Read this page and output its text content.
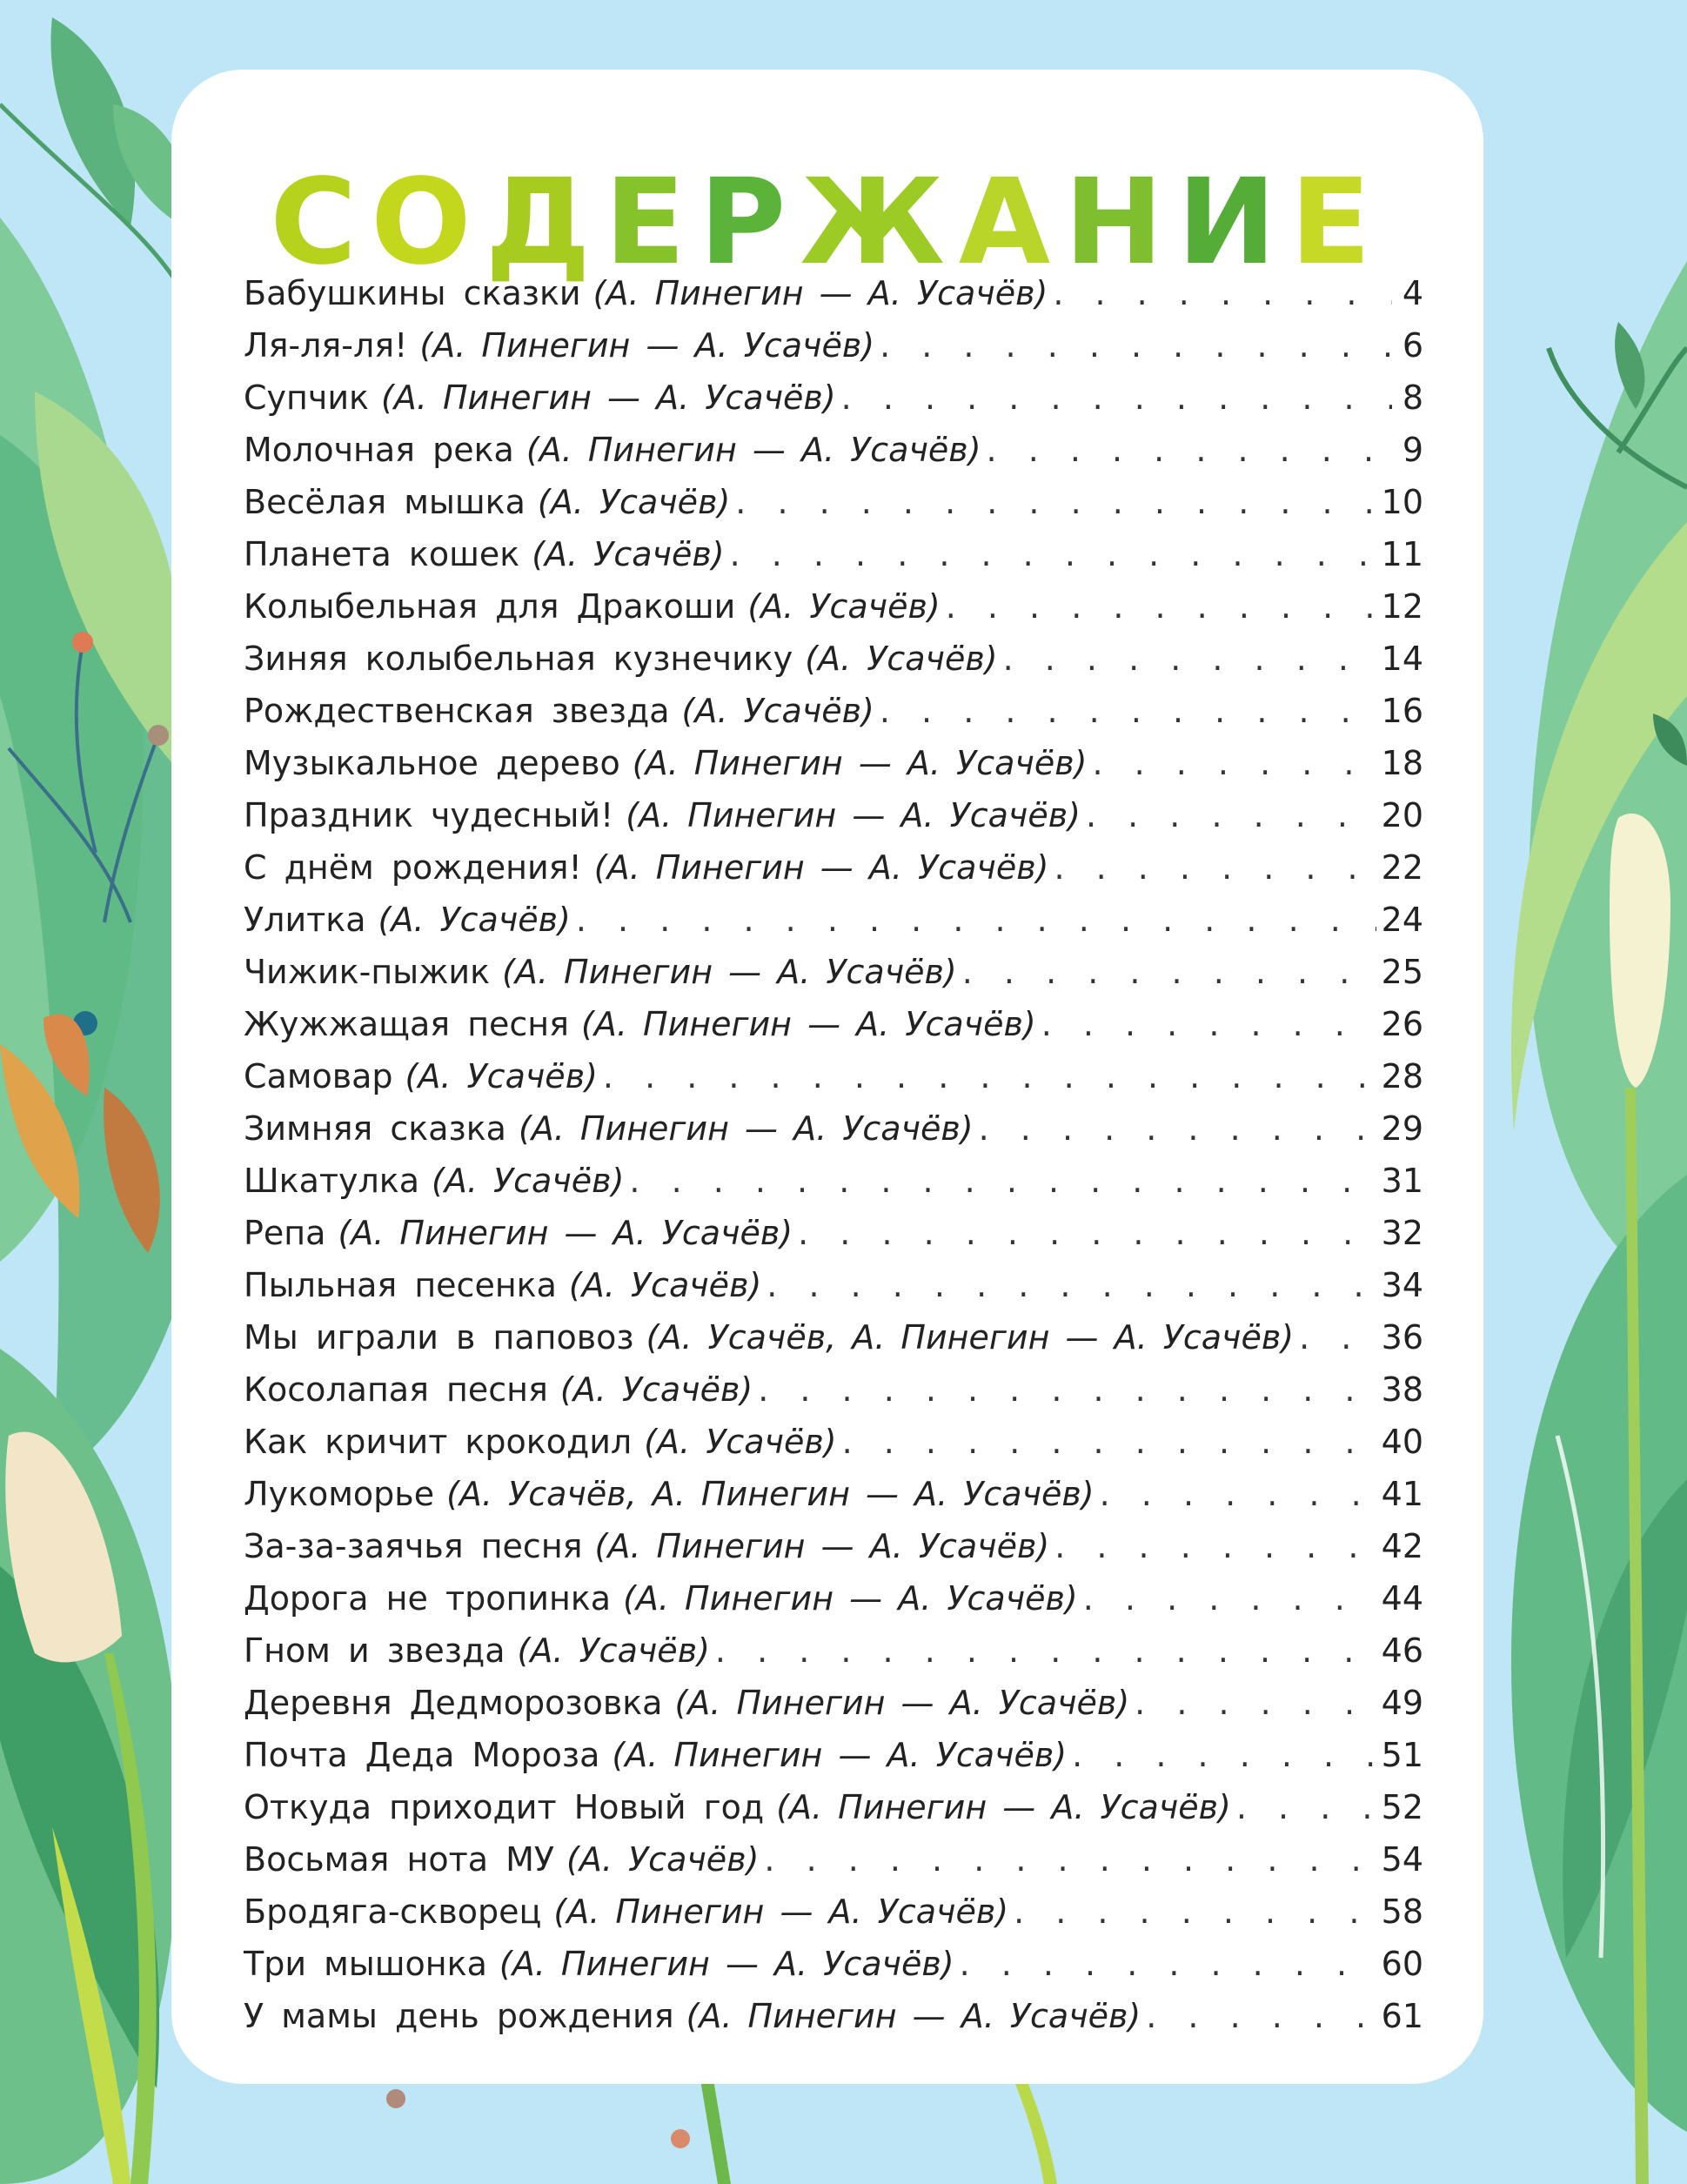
СОДЕРЖАНИЕ
Бабушкины сказки (А. Пинегин — А. Усачёв) . . .	4
Ля-ля-ля! (А. Пинегин — А. Усачёв) . . .	6
Супчик (А. Пинегин — А. Усачёв) . . .	8
Молочная река (А. Пинегин — А. Усачёв) . . .	9
Весёлая мышка (А. Усачёв) . . .	10
Планета кошек (А. Усачёв) . . .	11
Колыбельная для Дракоши (А. Усачёв) . . .	12
Зиняя колыбельная кузнечику (А. Усачёв) . . .	14
Рождественская звезда (А. Усачёв) . . .	16
Музыкальное дерево (А. Пинегин — А. Усачёв) . . .	18
Праздник чудесный! (А. Пинегин — А. Усачёв) . . .	20
С днём рождения! (А. Пинегин — А. Усачёв) . . .	22
Улитка (А. Усачёв) . . .	24
Чижик-пыжик (А. Пинегин — А. Усачёв) . . .	25
Жужжащая песня (А. Пинегин — А. Усачёв) . . .	26
Самовар (А. Усачёв) . . .	28
Зимняя сказка (А. Пинегин — А. Усачёв) . . .	29
Шкатулка (А. Усачёв) . . .	31
Репа (А. Пинегин — А. Усачёв) . . .	32
Пыльная песенка (А. Усачёв) . . .	34
Мы играли в паповоз (А. Усачёв, А. Пинегин — А. Усачёв) . . .	36
Косолапая песня (А. Усачёв) . . .	38
Как кричит крокодил (А. Усачёв) . . .	40
Лукоморье (А. Усачёв, А. Пинегин — А. Усачёв) . . .	41
За-за-заячья песня (А. Пинегин — А. Усачёв) . . .	42
Дорога не тропинка (А. Пинегин — А. Усачёв) . . .	44
Гном и звезда (А. Усачёв) . . .	46
Деревня Дедморозовка (А. Пинегин — А. Усачёв) . . .	49
Почта Деда Мороза (А. Пинегин — А. Усачёв) . . .	51
Откуда приходит Новый год (А. Пинегин — А. Усачёв) . . .	52
Восьмая нота МУ (А. Усачёв) . . .	54
Бродяга-скворец (А. Пинегин — А. Усачёв) . . .	58
Три мышонка (А. Пинегин — А. Усачёв) . . .	60
У мамы день рождения (А. Пинегин — А. Усачёв) . . .	61
